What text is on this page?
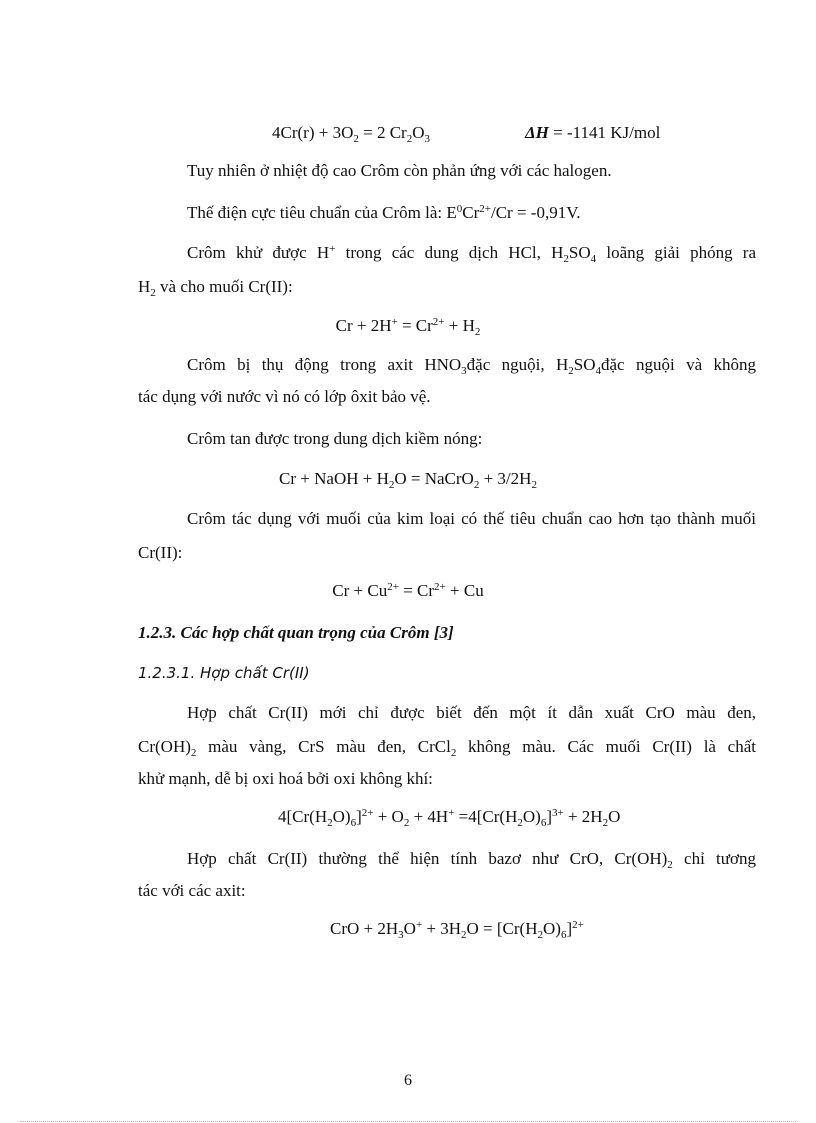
$4Cr(r) + 3O_2 = 2$ $Cr_2O_3$	ΔH = -1141 KJ/mol
Tuy nhiên ở nhiệt độ cao Crôm còn phản ứng với các halogen.
Thế điện cực tiêu chuẩn của Crôm là: $E^0Cr^{2+}/Cr = -0,91V$.
Crôm khử được H+ trong các dung dịch HCl, $H_2SO_4$ loãng giải phóng ra
$H_2$ và cho muối Cr(II):
$Cr + 2H^+ = Cr^{2+} + H_2$
Crôm bị thụ động trong axit $HNO_3đặc$ nguội, $H_2SO_4đặc$ nguội và không
tác dụng với nước vì nó có lớp ôxit bảo vệ.
Crôm tan được trong dung dịch kiềm nóng:
Cr + NaOH + $H_2O$ = NaCrO$_2$ + $3/2H_2$
Crôm tác dụng với muối của kim loại có thế tiêu chuẩn cao hơn tạo thành muối
Cr(II):
$Cr + Cu^{2+} = Cr^{2+} + Cu$
1.2.3. Các hợp chất quan trọng của Crôm [3]
1.2.3.1. Hợp chất Cr(II)
Hợp chất Cr(II) mới chỉ được biết đến một ít dẫn xuất CrO màu đen,
$Cr(OH)_2$ màu vàng, CrS màu đen, CrCl$_2$ không màu. Các muối Cr(II) là chất
khử mạnh, dễ bị oxi hoá bởi oxi không khí:
$4[Cr(H_2O)_6]^{2+} + O_2 + 4H^+ =4[Cr(H_2O)_6]^{3+} + 2H_2O$
Hợp chất Cr(II) thường thể hiện tính bazơ như CrO, $Cr(OH)_2$ chỉ tương
tác với các axit:
CrO + $2H_3O^+ + 3H_2O = [Cr(H_2O)_6]^{2+}$
6
